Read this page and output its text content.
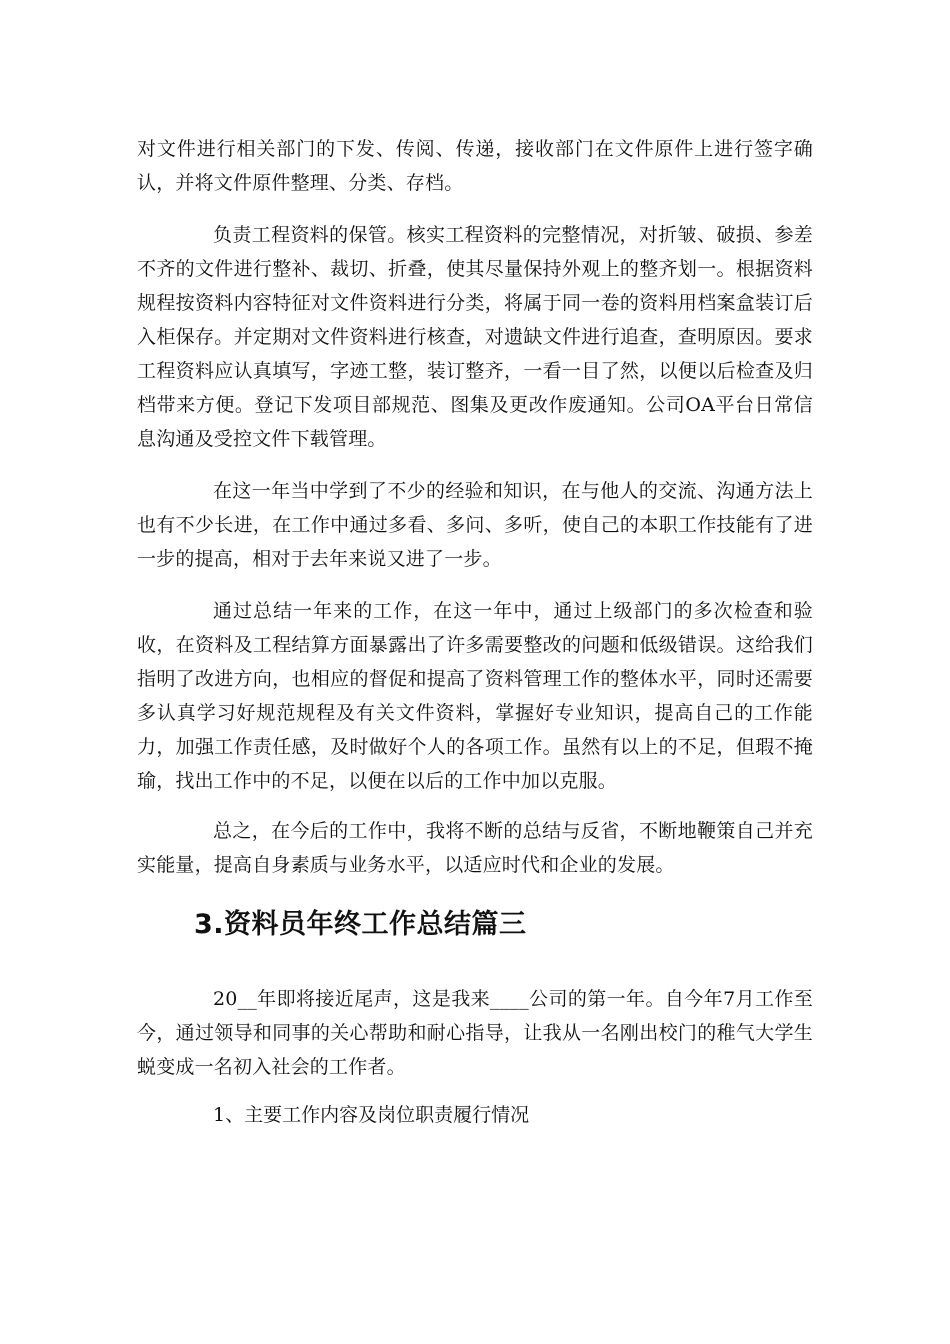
对文件进行相关部门的下发、传阅、传递，接收部门在文件原件上进行签字确认，并将文件原件整理、分类、存档。

负责工程资料的保管。核实工程资料的完整情况，对折皱、破损、参差不齐的文件进行整补、裁切、折叠，使其尽量保持外观上的整齐划一。根据资料规程按资料内容特征对文件资料进行分类，将属于同一卷的资料用档案盒装订后入柜保存。并定期对文件资料进行核查，对遗缺文件进行追查，查明原因。要求工程资料应认真填写，字迹工整，装订整齐，一看一目了然，以便以后检查及归档带来方便。登记下发项目部规范、图集及更改作废通知。公司OA平台日常信息沟通及受控文件下载管理。

在这一年当中学到了不少的经验和知识，在与他人的交流、沟通方法上也有不少长进，在工作中通过多看、多问、多听，使自己的本职工作技能有了进一步的提高，相对于去年来说又进了一步。

通过总结一年来的工作，在这一年中，通过上级部门的多次检查和验收，在资料及工程结算方面暴露出了许多需要整改的问题和低级错误。这给我们指明了改进方向，也相应的督促和提高了资料管理工作的整体水平，同时还需要多认真学习好规范规程及有关文件资料，掌握好专业知识，提高自己的工作能力，加强工作责任感，及时做好个人的各项工作。虽然有以上的不足，但瑕不掩瑜，找出工作中的不足，以便在以后的工作中加以克服。

总之，在今后的工作中，我将不断的总结与反省，不断地鞭策自己并充实能量，提高自身素质与业务水平，以适应时代和企业的发展。

3.资料员年终工作总结篇三

20__年即将接近尾声，这是我来____公司的第一年。自今年7月工作至今，通过领导和同事的关心帮助和耐心指导，让我从一名刚出校门的稚气大学生蜕变成一名初入社会的工作者。

1、主要工作内容及岗位职责履行情况
